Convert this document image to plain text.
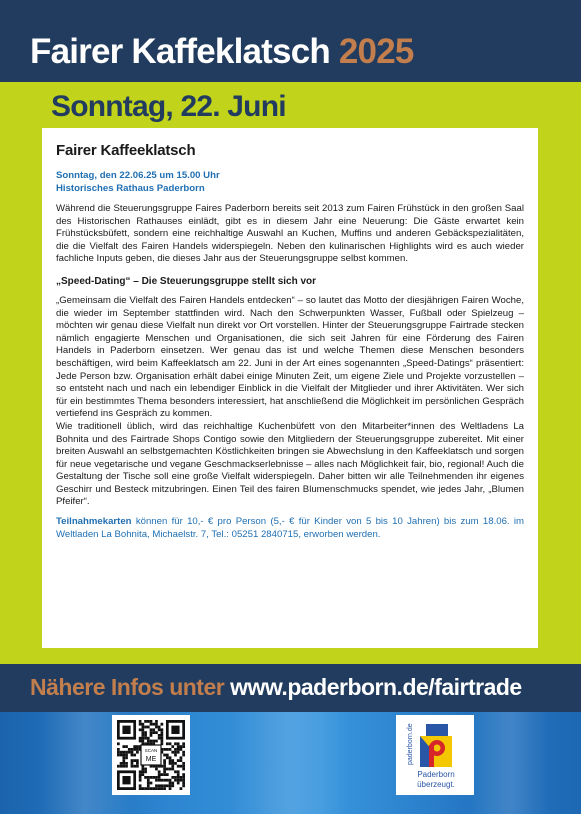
Fairer Kaffeklatsch 2025
Sonntag, 22. Juni
Fairer Kaffeeklatsch
Sonntag, den 22.06.25 um 15.00 Uhr
Historisches Rathaus Paderborn

Während die Steuerungsgruppe Faires Paderborn bereits seit 2013 zum Fairen Frühstück in den großen Saal des Historischen Rathauses einlädt, gibt es in diesem Jahr eine Neuerung: Die Gäste erwartet kein Frühstücksbüfett, sondern eine reichhaltige Auswahl an Kuchen, Muffins und anderen Gebäckspezialitäten, die die Vielfalt des Fairen Handels widerspiegeln. Neben den kulinarischen Highlights wird es auch wieder fachliche Inputs geben, die dieses Jahr aus der Steuerungsgruppe selbst kommen.

„Speed-Dating“ – Die Steuerungsgruppe stellt sich vor

„Gemeinsam die Vielfalt des Fairen Handels entdecken“ – so lautet das Motto der diesjährigen Fairen Woche, die wieder im September stattfinden wird. Nach den Schwerpunkten Wasser, Fußball oder Spielzeug – möchten wir genau diese Vielfalt nun direkt vor Ort vorstellen. Hinter der Steuerungsgruppe Fairtrade stecken nämlich engagierte Menschen und Organisationen, die sich seit Jahren für eine Förderung des Fairen Handels in Paderborn einsetzen. Wer genau das ist und welche Themen diese Menschen besonders beschäftigen, wird beim Kaffeeklatsch am 22. Juni in der Art eines sogenannten „Speed-Datings“ präsentiert: Jede Person bzw. Organisation erhält dabei einige Minuten Zeit, um eigene Ziele und Projekte vorzustellen – so entsteht nach und nach ein lebendiger Einblick in die Vielfalt der Mitglieder und ihrer Aktivitäten. Wer sich für ein bestimmtes Thema besonders interessiert, hat anschließend die Möglichkeit im persönlichen Gespräch vertiefend ins Gespräch zu kommen.

Wie traditionell üblich, wird das reichhaltige Kuchenbüfett von den Mitarbeiter*innen des Weltladens La Bohnita und des Fairtrade Shops Contigo sowie den Mitgliedern der Steuerungsgruppe zubereitet. Mit einer breiten Auswahl an selbstgemachten Köstlichkeiten bringen sie Abwechslung in den Kaffeeklatsch und sorgen für neue vegetarische und vegane Geschmackserlebnisse – alles nach Möglichkeit fair, bio, regional! Auch die Gestaltung der Tische soll eine große Vielfalt widerspiegeln. Daher bitten wir alle Teilnehmenden ihr eigenes Geschirr und Besteck mitzubringen. Einen Teil des fairen Blumenschmucks spendet, wie jedes Jahr, „Blumen Pfeifer“.

Teilnahmekarten können für 10,- € pro Person (5,- € für Kinder von 5 bis 10 Jahren) bis zum 18.06. im Weltladen La Bohnita, Michaelstr. 7, Tel.: 05251 2840715, erworben werden.

Nähere Infos unter www.paderborn.de/fairtrade

SCAN
ME	paderborn.de
Paderborn
überzeugt.
